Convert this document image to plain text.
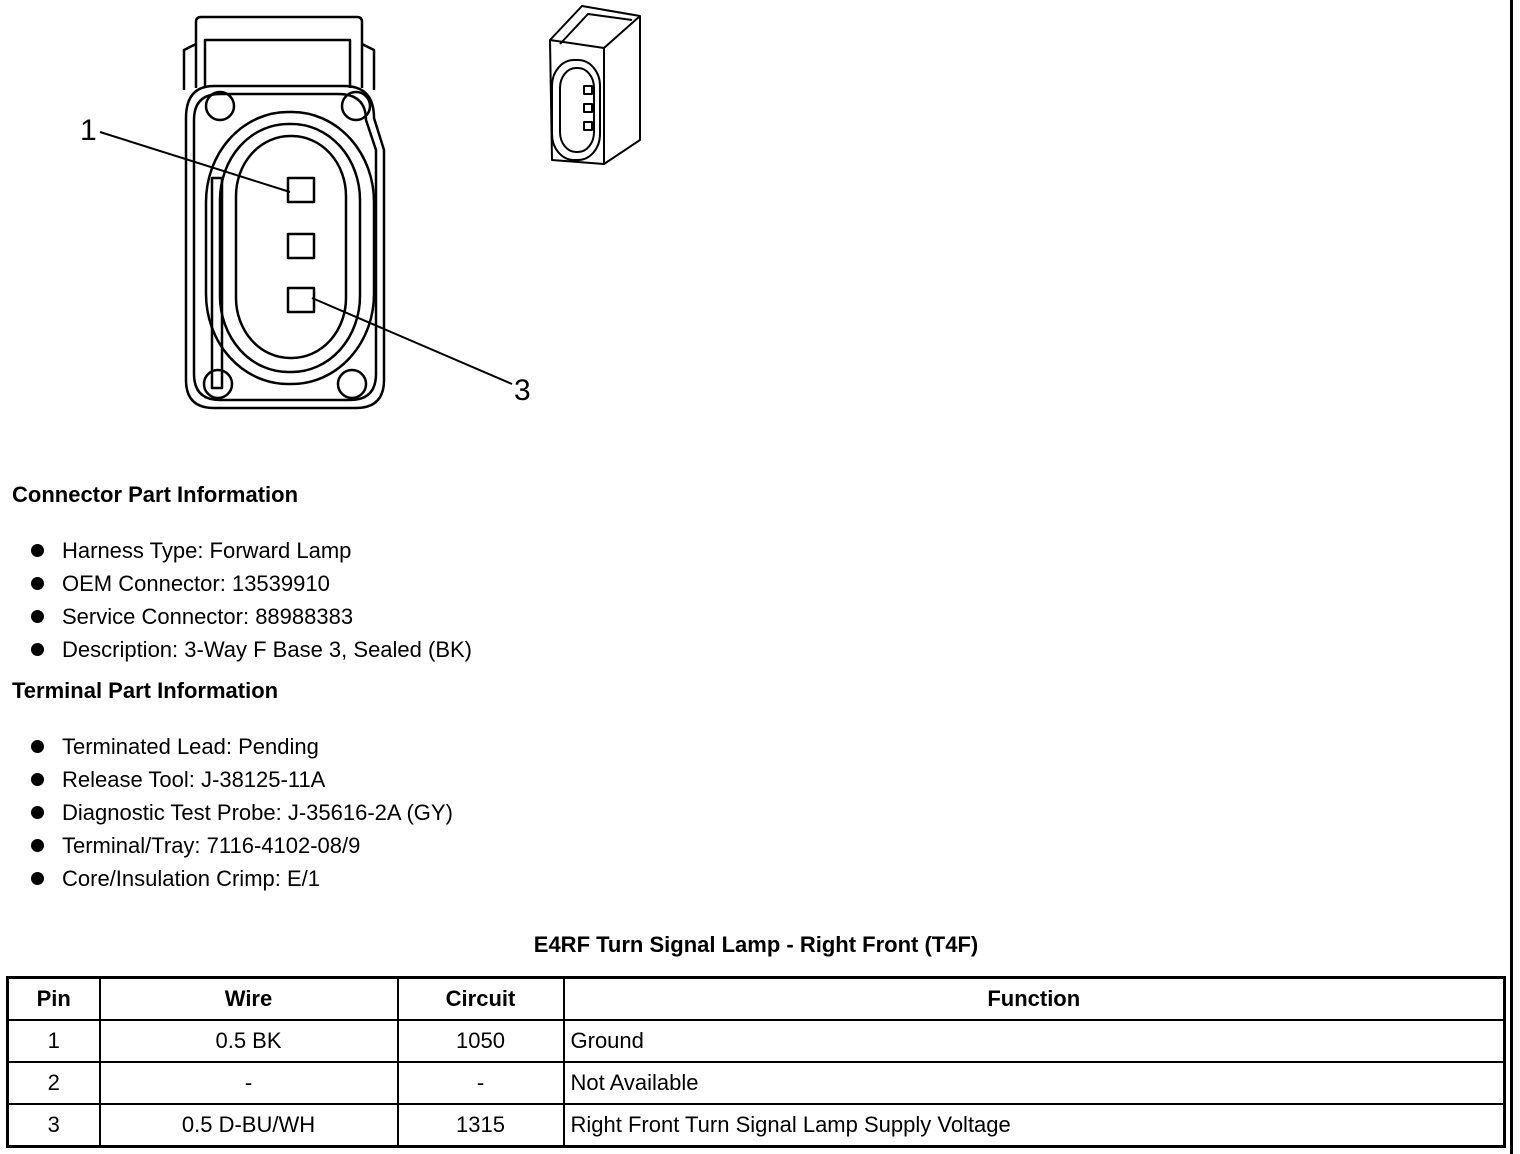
1
3
Connector Part Information
Harness Type: Forward Lamp
OEM Connector: 13539910
Service Connector: 88988383
Description: 3-Way F Base 3, Sealed (BK)
Terminal Part Information
Terminated Lead: Pending
Release Tool: J-38125-11A
Diagnostic Test Probe: J-35616-2A (GY)
Terminal/Tray: 7116-4102-08/9
Core/Insulation Crimp: E/1
E4RF Turn Signal Lamp - Right Front (T4F)
Pin	Wire	Circuit	Function
1	0.5 BK	1050	Ground
2	-	-	Not Available
3	0.5 D-BU/WH	1315	Right Front Turn Signal Lamp Supply Voltage
